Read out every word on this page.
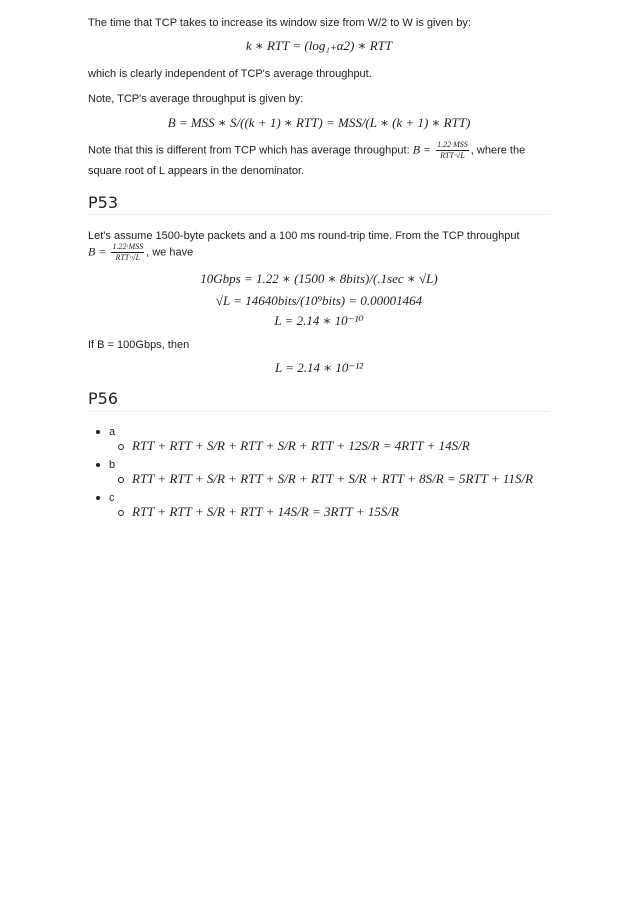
The time that TCP takes to increase its window size from W/2 to W is given by:
k ∗ RTT = (log₁₊α2) ∗ RTT
which is clearly independent of TCP's average throughput.
Note, TCP's average throughput is given by:
B = MSS ∗ S/((k + 1) ∗ RTT) = MSS/(L ∗ (k + 1) ∗ RTT)
Note that this is different from TCP which has average throughput: $B = \frac{\text{1.22·MSS}}{\text{RTT·√L}}$ , where the
square root of L appears in the denominator.
P53
Let's assume 1500-byte packets and a 100 ms round-trip time. From the TCP throughput
$B = \frac{\text{1.22·MSS}}{\text{RTT·√L}}$ , we have
10Gbps = 1.22 ∗ (1500 ∗ 8bits)/(.1sec ∗ √L)
√L = 14640bits/(10⁹bits) = 0.00001464
L = 2.14 ∗ 10⁻¹⁰
If B = 100Gbps, then
L = 2.14 ∗ 10⁻¹²
P56
a
RTT + RTT + S/R + RTT + S/R + RTT + 12S/R = 4RTT + 14S/R
b
RTT + RTT + S/R + RTT + S/R + RTT + S/R + RTT + 8S/R = 5RTT + 11S/R
c
RTT + RTT + S/R + RTT + 14S/R = 3RTT + 15S/R
